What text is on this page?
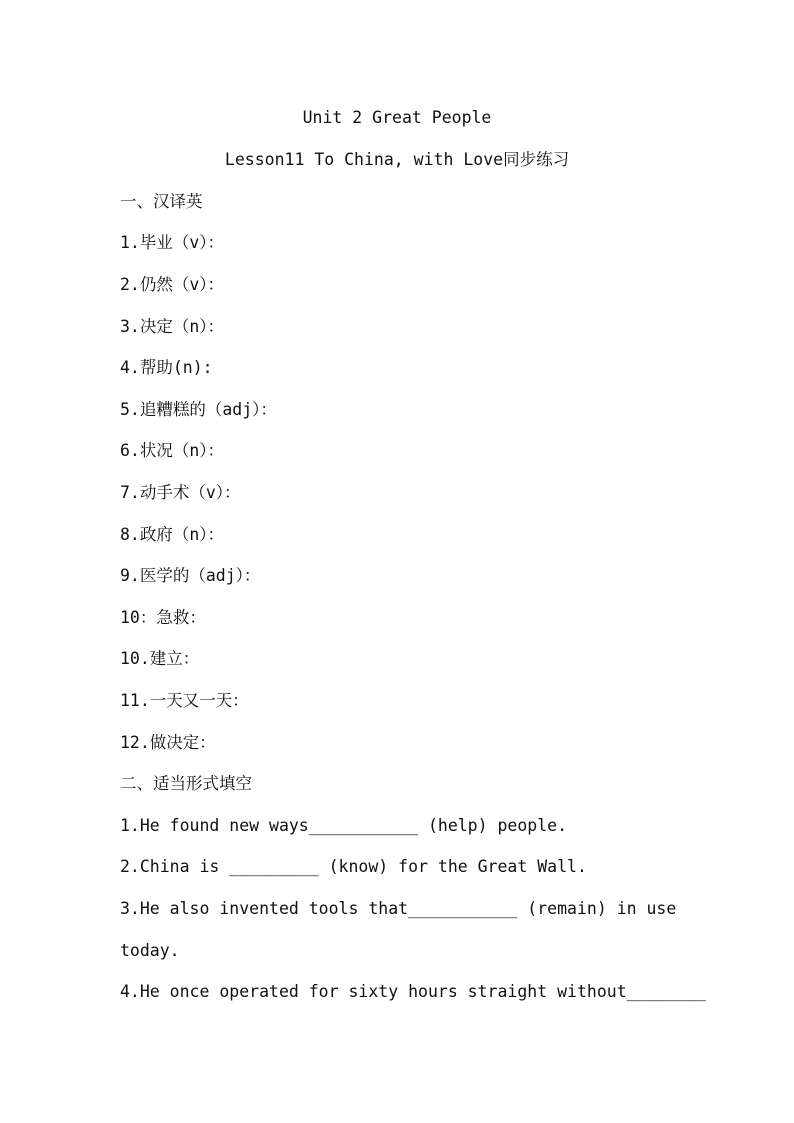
Unit 2 Great People
Lesson11 To China, with Love同步练习
一、汉译英
1.毕业（v）：
2.仍然（v）：
3.决定（n）：
4.帮助(n):
5.追糟糕的（adj）：
6.状况（n）：
7.动手术（v）：
8.政府（n）：
9.医学的（adj）：
10：急救：
10.建立：
11.一天又一天：
12.做决定：
二、适当形式填空
1.He found new ways___________ (help) people.
2.China is _________ (know) for the Great Wall.
3.He also invented tools that___________ (remain) in use
today.
4.He once operated for sixty hours straight without________
